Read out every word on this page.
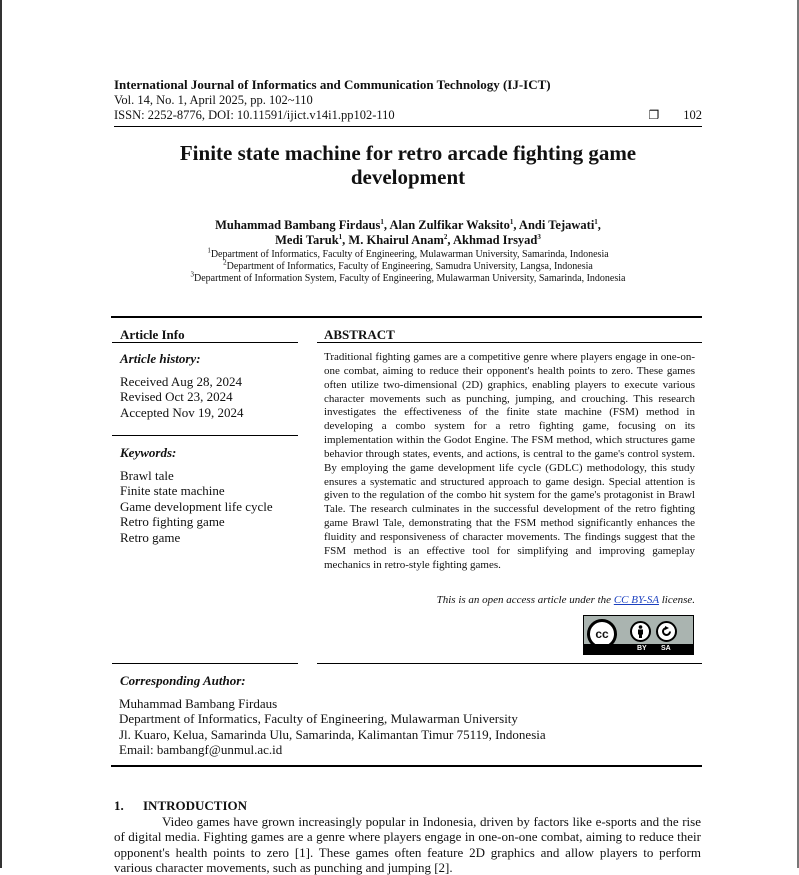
International Journal of Informatics and Communication Technology (IJ-ICT)
Vol. 14, No. 1, April 2025, pp. 102~110
ISSN: 2252-8776, DOI: 10.11591/ijict.v14i1.pp102-110	❐ 102
Finite state machine for retro arcade fighting game
development
Muhammad Bambang Firdaus$^1$, Alan Zulfikar Waksito$^1$, Andi Tejawati$^1$,
Medi Taruk$^1$, M. Khairul Anam$^2$, Akhmad Irsyad$^3$
$^1$Department of Informatics, Faculty of Engineering, Mulawarman University, Samarinda, Indonesia
$^2$Department of Informatics, Faculty of Engineering, Samudra University, Langsa, Indonesia
$^3$Department of Information System, Faculty of Engineering, Mulawarman University, Samarinda, Indonesia
Article Info	ABSTRACT
Article history:
Received Aug 28, 2024
Revised Oct 23, 2024
Accepted Nov 19, 2024
Keywords:
Brawl tale
Finite state machine
Game development life cycle
Retro fighting game
Retro game
Traditional fighting games are a competitive genre where players engage in one-on-one combat, aiming to reduce their opponent's health points to zero. These games often utilize two-dimensional (2D) graphics, enabling players to execute various character movements such as punching, jumping, and crouching. This research investigates the effectiveness of the finite state machine (FSM) method in developing a combo system for a retro fighting game, focusing on its implementation within the Godot Engine. The FSM method, which structures game behavior through states, events, and actions, is central to the game's control system. By employing the game development life cycle (GDLC) methodology, this study ensures a systematic and structured approach to game design. Special attention is given to the regulation of the combo hit system for the game's protagonist in Brawl Tale. The research culminates in the successful development of the retro fighting game Brawl Tale, demonstrating that the FSM method significantly enhances the fluidity and responsiveness of character movements. The findings suggest that the FSM method is an effective tool for simplifying and improving gameplay mechanics in retro-style fighting games.
This is an open access article under the CC BY-SA license.
cc
BY SA
Corresponding Author:
Muhammad Bambang Firdaus
Department of Informatics, Faculty of Engineering, Mulawarman University
Jl. Kuaro, Kelua, Samarinda Ulu, Samarinda, Kalimantan Timur 75119, Indonesia
Email: bambangf@unmul.ac.id
1. INTRODUCTION
Video games have grown increasingly popular in Indonesia, driven by factors like e-sports and the rise of digital media. Fighting games are a genre where players engage in one-on-one combat, aiming to reduce their opponent's health points to zero [1]. These games often feature 2D graphics and allow players to perform various character movements, such as punching and jumping [2].
